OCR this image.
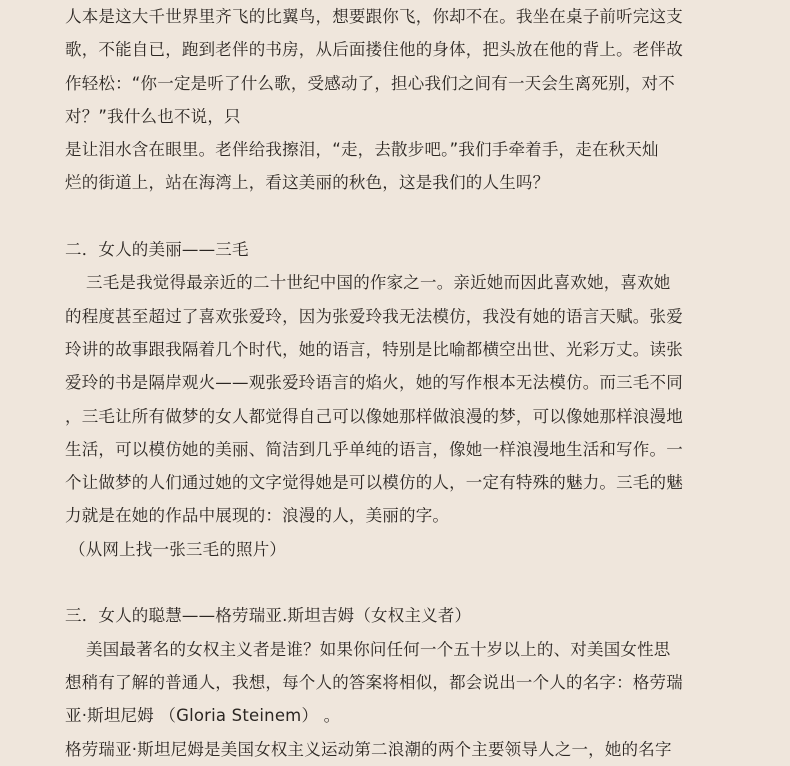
人本是这大千世界里齐飞的比翼鸟，想要跟你飞，你却不在。我坐在桌子前听完这支
歌，不能自已，跑到老伴的书房，从后面搂住他的身体，把头放在他的背上。老伴故
作轻松：“你一定是听了什么歌，受感动了，担心我们之间有一天会生离死别，对不
对？”我什么也不说，只
是让泪水含在眼里。老伴给我擦泪，“走，去散步吧。”我们手牵着手，走在秋天灿
烂的街道上，站在海湾上，看这美丽的秋色，这是我们的人生吗？
二．女人的美丽——三毛
三毛是我觉得最亲近的二十世纪中国的作家之一。亲近她而因此喜欢她，喜欢她
的程度甚至超过了喜欢张爱玲，因为张爱玲我无法模仿，我没有她的语言天赋。张爱
玲讲的故事跟我隔着几个时代，她的语言，特别是比喻都横空出世、光彩万丈。读张
爱玲的书是隔岸观火——观张爱玲语言的焰火，她的写作根本无法模仿。而三毛不同
，三毛让所有做梦的女人都觉得自己可以像她那样做浪漫的梦，可以像她那样浪漫地
生活，可以模仿她的美丽、简洁到几乎单纯的语言，像她一样浪漫地生活和写作。一
个让做梦的人们通过她的文字觉得她是可以模仿的人，一定有特殊的魅力。三毛的魅
力就是在她的作品中展现的：浪漫的人，美丽的字。
（从网上找一张三毛的照片）
三．女人的聪慧——格劳瑞亚.斯坦吉姆（女权主义者）
美国最著名的女权主义者是谁？如果你问任何一个五十岁以上的、对美国女性思
想稍有了解的普通人，我想，每个人的答案将相似，都会说出一个人的名字：格劳瑞
亚·斯坦尼姆 （Gloria Steinem） 。
格劳瑞亚·斯坦尼姆是美国女权主义运动第二浪潮的两个主要领导人之一，她的名字
